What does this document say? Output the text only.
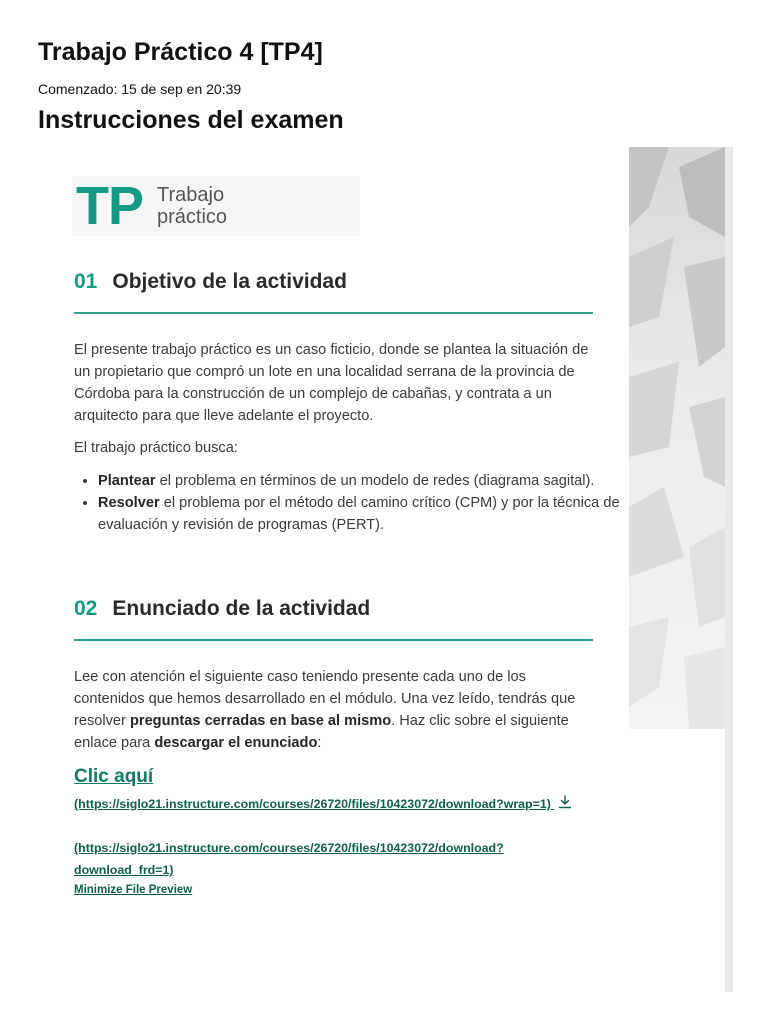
Trabajo Práctico 4 [TP4]
Comenzado: 15 de sep en 20:39
Instrucciones del examen
TP Trabajo
práctico
01 Objetivo de la actividad

El presente trabajo práctico es un caso ficticio, donde se plantea la situación de un propietario que compró un lote en una localidad serrana de la provincia de Córdoba para la construcción de un complejo de cabañas, y contrata a un arquitecto para que lleve adelante el proyecto.

El trabajo práctico busca:

• Plantear el problema en términos de un modelo de redes (diagrama sagital).
• Resolver el problema por el método del camino crítico (CPM) y por la técnica de evaluación y revisión de programas (PERT).
02 Enunciado de la actividad

Lee con atención el siguiente caso teniendo presente cada uno de los contenidos que hemos desarrollado en el módulo. Una vez leído, tendrás que resolver preguntas cerradas en base al mismo. Haz clic sobre el siguiente enlace para descargar el enunciado:

Clic aquí
(https://siglo21.instructure.com/courses/26720/files/10423072/download?wrap=1)
(https://siglo21.instructure.com/courses/26720/files/10423072/download?download_frd=1)
Minimize File Preview
